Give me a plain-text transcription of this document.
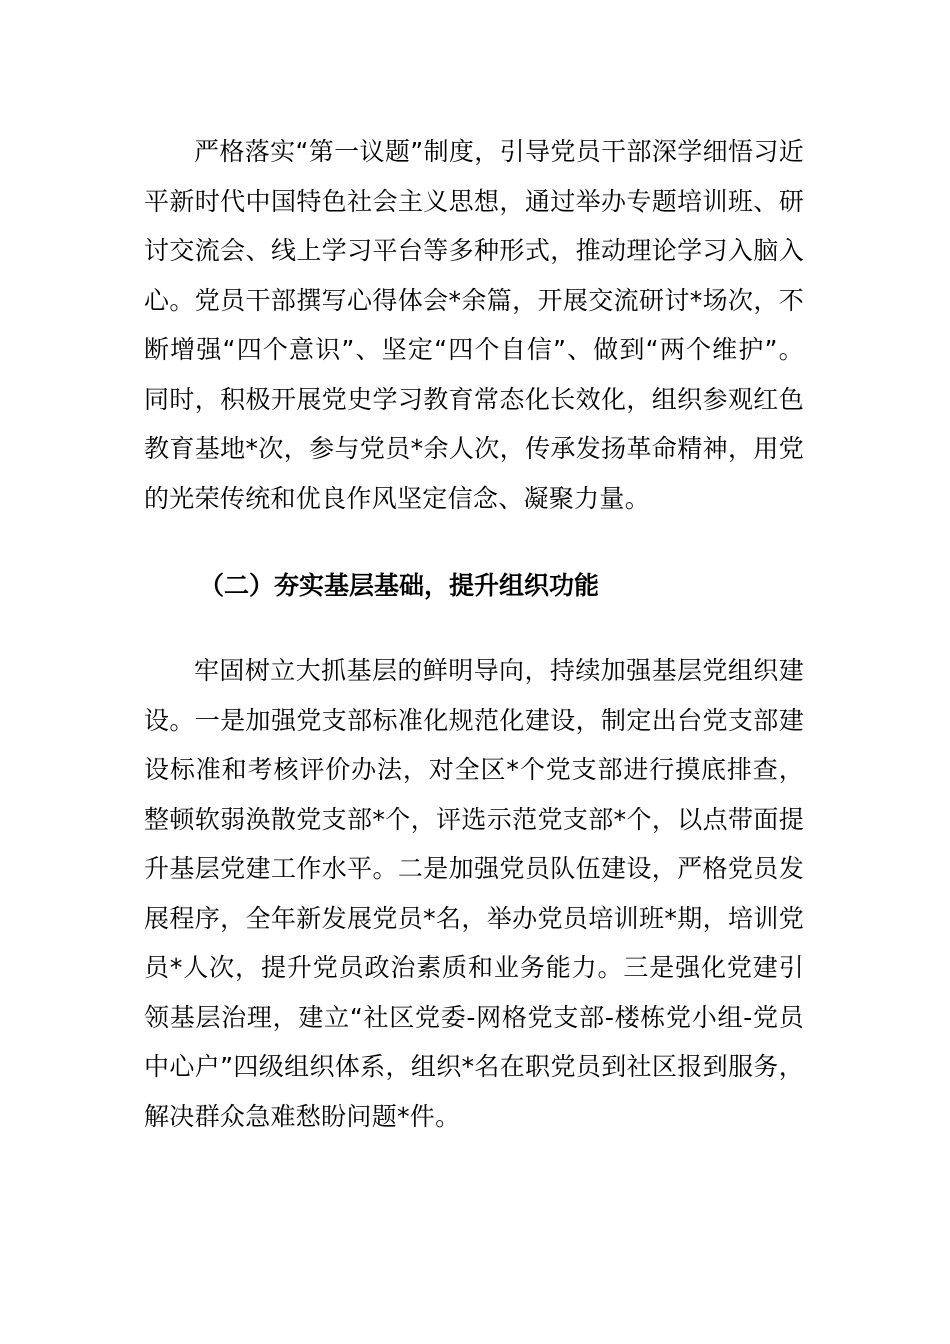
严格落实“第一议题”制度，引导党员干部深学细悟习近平新时代中国特色社会主义思想，通过举办专题培训班、研讨交流会、线上学习平台等多种形式，推动理论学习入脑入心。党员干部撰写心得体会*余篇，开展交流研讨*场次，不断增强“四个意识”、坚定“四个自信”、做到“两个维护”。同时，积极开展党史学习教育常态化长效化，组织参观红色教育基地*次，参与党员*余人次，传承发扬革命精神，用党的光荣传统和优良作风坚定信念、凝聚力量。

（二）夯实基层基础，提升组织功能

牢固树立大抓基层的鲜明导向，持续加强基层党组织建设。一是加强党支部标准化规范化建设，制定出台党支部建设标准和考核评价办法，对全区*个党支部进行摸底排查，整顿软弱涣散党支部*个，评选示范党支部*个，以点带面提升基层党建工作水平。二是加强党员队伍建设，严格党员发展程序，全年新发展党员*名，举办党员培训班*期，培训党员*人次，提升党员政治素质和业务能力。三是强化党建引领基层治理，建立“社区党委-网格党支部-楼栋党小组-党员中心户”四级组织体系，组织*名在职党员到社区报到服务，解决群众急难愁盼问题*件。
